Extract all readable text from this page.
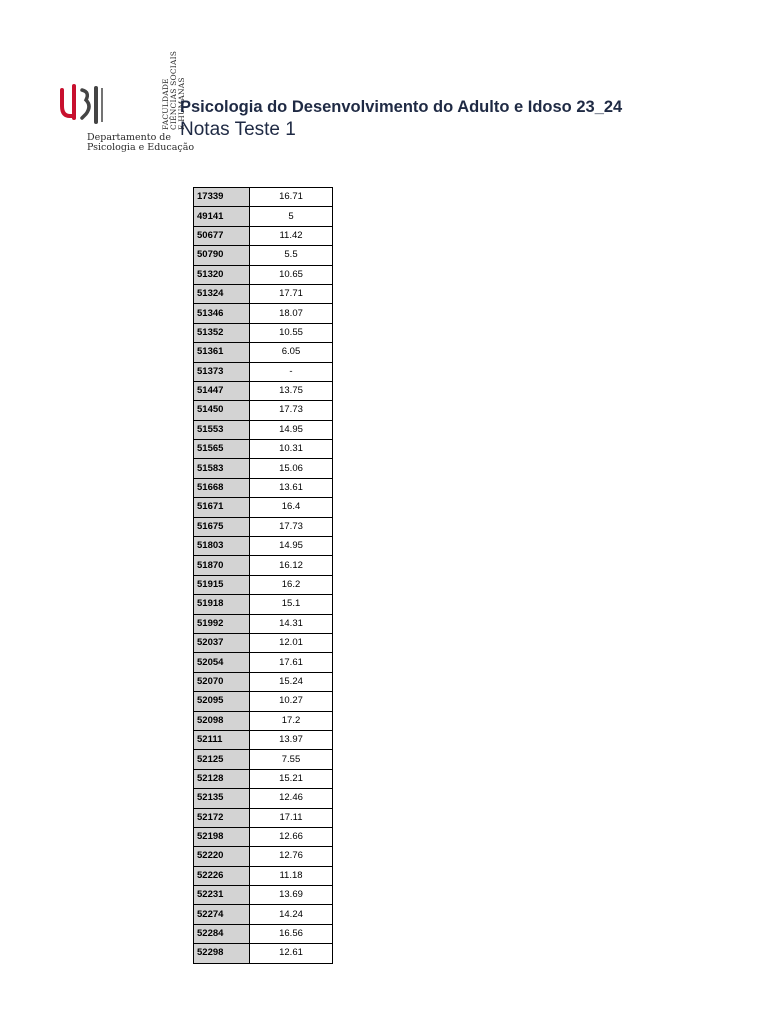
FACULDADE CIÊNCIAS SOCIAIS E HUMANAS
Departamento de
Psicologia e Educação
Psicologia do Desenvolvimento do Adulto e Idoso 23_24
Notas Teste 1
17339	16.71
49141	5
50677	11.42
50790	5.5
51320	10.65
51324	17.71
51346	18.07
51352	10.55
51361	6.05
51373	-
51447	13.75
51450	17.73
51553	14.95
51565	10.31
51583	15.06
51668	13.61
51671	16.4
51675	17.73
51803	14.95
51870	16.12
51915	16.2
51918	15.1
51992	14.31
52037	12.01
52054	17.61
52070	15.24
52095	10.27
52098	17.2
52111	13.97
52125	7.55
52128	15.21
52135	12.46
52172	17.11
52198	12.66
52220	12.76
52226	11.18
52231	13.69
52274	14.24
52284	16.56
52298	12.61
